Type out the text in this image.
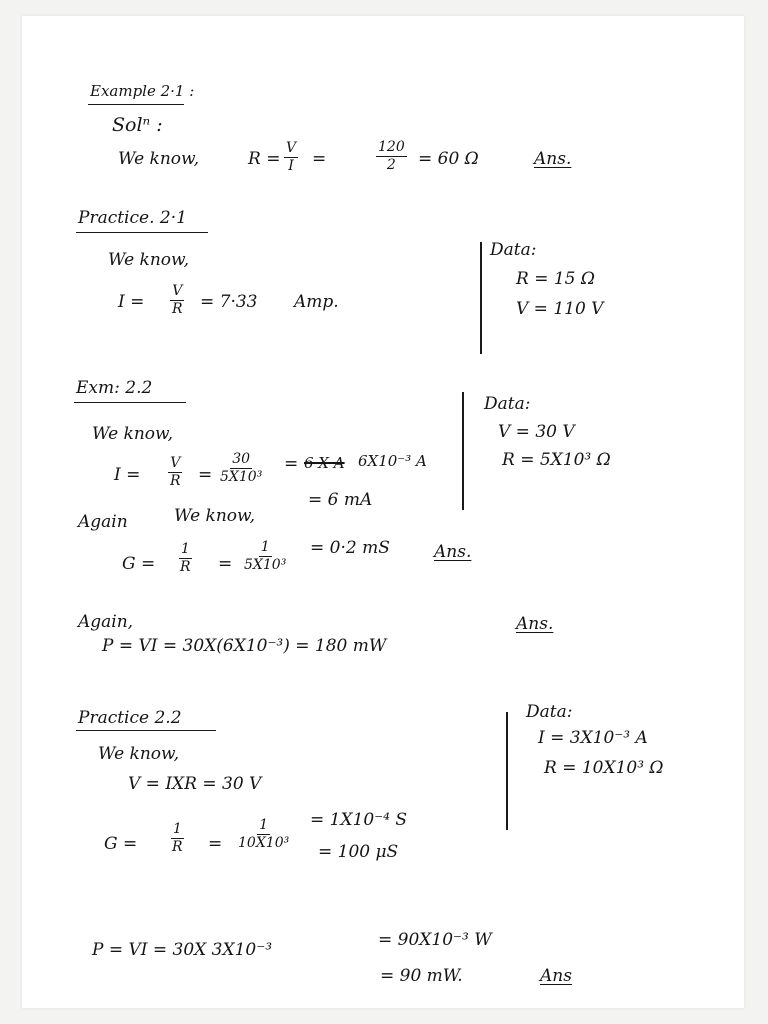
Example 2·1 :
Solⁿ :
We know,	$R = \frac{V}{I}$ =	$\frac{120}{2} = 60$ Ω	Ans.
Practice. 2·1
We know,
$I = \frac{V}{R} = 7\cdot 33$ Amp.
Data:
R = 15 Ω
V = 110 V
Exm: 2.2
We know,
$I = \frac{V}{R} = \frac{30}{\text{5X10³}} = 6$ X A 6X10⁻³ A
= 6 mA
Again	We know,
$G = \frac{1}{R} = \frac{1}{\text{5X10³}} = 0\cdot 2$ mS	Ans.
Again,
P = VI = 30X(6X10⁻³) = 180 mW
Ans.
Data:
V = 30 V
R = 5X10³ Ω
Practice 2.2
We know,
V = IXR = 30 V
$G = \frac{1}{R} = \frac{1}{\text{10X10³}} = 1X10^{-4}$ S
= 100 μS
Data:
I = 3X10⁻³ A
R = 10X10³ Ω
P = VI = 30X 3X10⁻³	= 90X10⁻³ W
= 90 mW.	Ans
